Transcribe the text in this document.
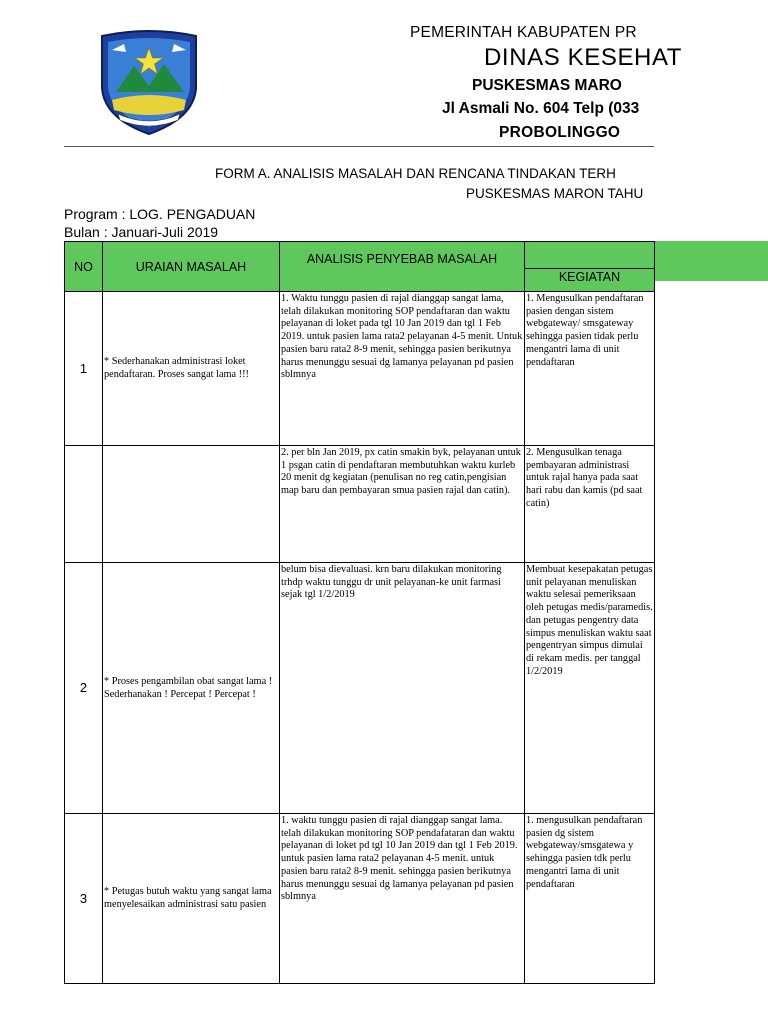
PEMERINTAH KABUPATEN PR
DINAS KESEHAT
PUSKESMAS MARO
Jl Asmali No. 604 Telp (033
PROBOLINGGO
FORM A. ANALISIS MASALAH DAN RENCANA TINDAKAN TERH
PUSKESMAS MARON TAHU
Program : LOG. PENGADUAN
Bulan : Januari-Juli 2019
NO	URAIAN MASALAH	ANALISIS PENYEBAB MASALAH	KEGIATAN

1	* Sederhanakan administrasi loket pendaftaran. Proses sangat lama !!!	1. Waktu tunggu pasien di rajal dianggap sangat lama, telah dilakukan monitoring SOP pendaftaran dan waktu pelayanan di loket pada tgl 10 Jan 2019 dan tgl 1 Feb 2019. untuk pasien lama rata2 pelayanan 4-5 menit. Untuk pasien baru rata2 8-9 menit, sehingga pasien berikutnya harus menunggu sesuai dg lamanya pelayanan pd pasien sblmnya	1. Mengusulkan pendaftaran pasien dengan sistem webgateway/ smsgateway sehingga pasien tidak perlu mengantri lama di unit pendaftaran
		2. per bln Jan 2019, px catin smakin byk, pelayanan untuk 1 psgan catin di pendaftaran membutuhkan waktu kurleb 20 menit dg kegiatan (penulisan no reg catin,pengisian map baru dan pembayaran smua pasien rajal dan catin).	2. Mengusulkan tenaga pembayaran administrasi untuk rajal hanya pada saat hari rabu dan kamis (pd saat catin)
2	* Proses pengambilan obat sangat lama ! Sederhanakan ! Percepat ! Percepat !	belum bisa dievaluasi. krn baru dilakukan monitoring trhdp waktu tunggu dr unit pelayanan-ke unit farmasi sejak tgl 1/2/2019	Membuat kesepakatan petugas unit pelayanan menuliskan waktu selesai pemeriksaan oleh petugas medis/paramedis. dan petugas pengentry data simpus menuliskan waktu saat pengentryan simpus dimulai di rekam medis. per tanggal 1/2/2019
3	* Petugas butuh waktu yang sangat lama menyelesaikan administrasi satu pasien	1. waktu tunggu pasien di rajal dianggap sangat lama. telah dilakukan monitoring SOP pendafataran dan waktu pelayanan di loket pd tgl 10 Jan 2019 dan tgl 1 Feb 2019. untuk pasien lama rata2 pelayanan 4-5 menit. untuk pasien baru rata2 8-9 menit. sehingga pasien berikutnya harus menunggu sesuai dg lamanya pelayanan pd pasien sblmnya	1. mengusulkan pendaftaran pasien dg sistem webgateway/smsgatewa y sehingga pasien tdk perlu mengantri lama di unit pendaftaran
